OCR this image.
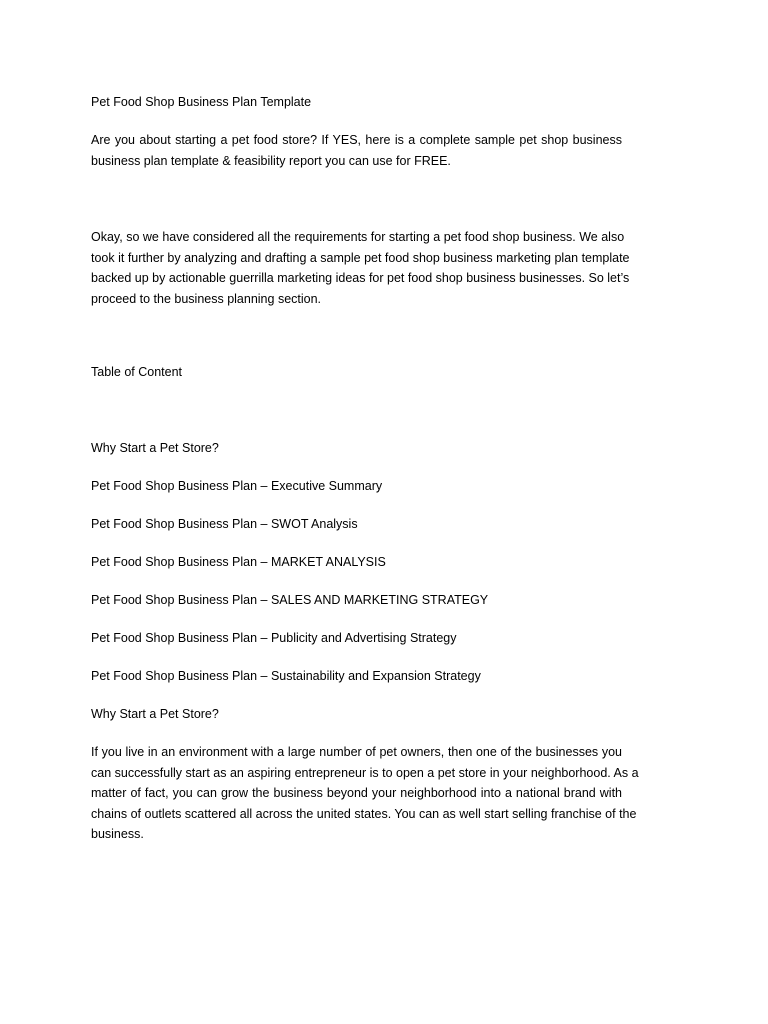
Pet Food Shop Business Plan Template
Are you about starting a pet food store? If YES, here is a complete sample pet shop business
business plan template & feasibility report you can use for FREE.
Okay, so we have considered all the requirements for starting a pet food shop business. We also
took it further by analyzing and drafting a sample pet food shop business marketing plan template
backed up by actionable guerrilla marketing ideas for pet food shop business businesses. So let’s
proceed to the business planning section.
Table of Content
Why Start a Pet Store?
Pet Food Shop Business Plan – Executive Summary
Pet Food Shop Business Plan – SWOT Analysis
Pet Food Shop Business Plan – MARKET ANALYSIS
Pet Food Shop Business Plan – SALES AND MARKETING STRATEGY
Pet Food Shop Business Plan – Publicity and Advertising Strategy
Pet Food Shop Business Plan – Sustainability and Expansion Strategy
Why Start a Pet Store?
If you live in an environment with a large number of pet owners, then one of the businesses you
can successfully start as an aspiring entrepreneur is to open a pet store in your neighborhood. As a
matter of fact, you can grow the business beyond your neighborhood into a national brand with
chains of outlets scattered all across the united states. You can as well start selling franchise of the
business.
